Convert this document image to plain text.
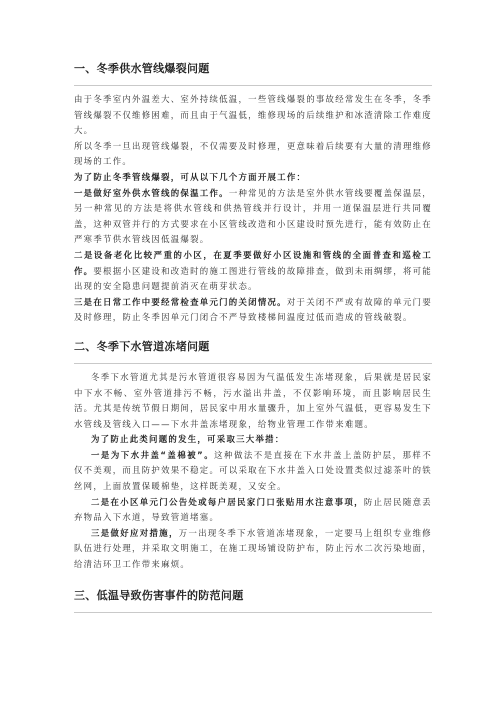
一、冬季供水管线爆裂问题

由于冬季室内外温差大、室外持续低温，一些管线爆裂的事故经常发生在冬季，冬季管线爆裂不仅维修困难，而且由于气温低，维修现场的后续维护和冰渣清除工作难度大。

所以冬季一旦出现管线爆裂，不仅需要及时修理，更意味着后续要有大量的清理维修现场的工作。

为了防止冬季管线爆裂，可从以下几个方面开展工作：

一是做好室外供水管线的保温工作。一种常见的方法是室外供水管线要覆盖保温层，另一种常见的方法是将供水管线和供热管线并行设计，并用一道保温层进行共同覆盖，这种双管并行的方式要求在小区管线改造和小区建设时预先进行，能有效防止在严寒季节供水管线因低温爆裂。

二是设备老化比较严重的小区，在夏季要做好小区设施和管线的全面普查和巡检工作。要根据小区建设和改造时的施工图进行管线的故障排查，做到未雨绸缪，将可能出现的安全隐患问题提前消灭在萌芽状态。

三是在日常工作中要经常检查单元门的关闭情况。对于关闭不严或有故障的单元门要及时修理，防止冬季因单元门闭合不严导致楼梯间温度过低而造成的管线破裂。

二、冬季下水管道冻堵问题

冬季下水管道尤其是污水管道很容易因为气温低发生冻堵现象，后果就是居民家中下水不畅、室外管道排污不畅，污水溢出井盖，不仅影响环境，而且影响居民生活。尤其是传统节假日期间，居民家中用水量骤升，加上室外气温低，更容易发生下水管线及管线入口——下水井盖冻堵现象，给物业管理工作带来难题。

为了防止此类问题的发生，可采取三大举措：

一是为下水井盖“盖棉被”。这种做法不是直接在下水井盖上盖防护层，那样不仅不美观，而且防护效果不稳定。可以采取在下水井盖入口处设置类似过滤茶叶的铁丝网，上面放置保暖棉垫，这样既美观，又安全。

二是在小区单元门公告处或每户居民家门口张贴用水注意事项，防止居民随意丢弃物品入下水道，导致管道堵塞。

三是做好应对措施，万一出现冬季下水管道冻堵现象，一定要马上组织专业维修队伍进行处理，并采取文明施工，在施工现场铺设防护布，防止污水二次污染地面，给清洁环卫工作带来麻烦。

三、低温导致伤害事件的防范问题
